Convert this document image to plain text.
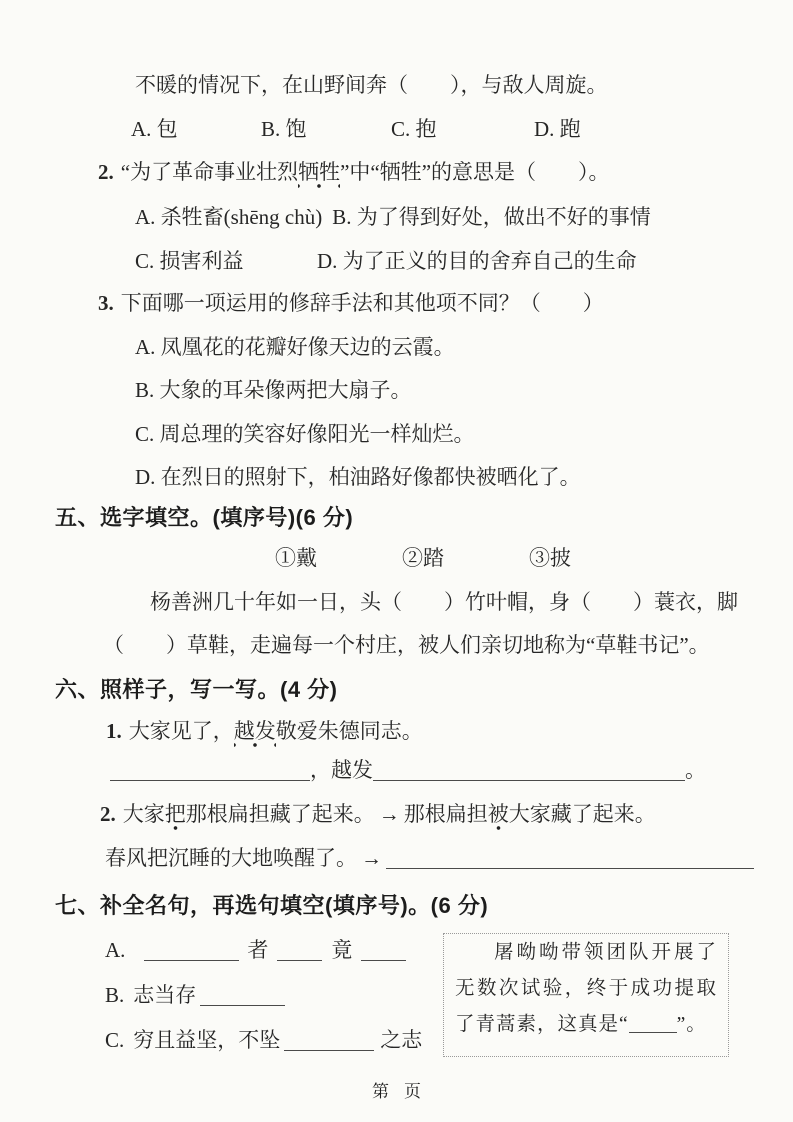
不暖的情况下，在山野间奔（　　），与敌人周旋。
A. 包	B. 饱	C. 抱	D. 跑
2. “为了革命事业壮烈牺牲”中“牺牲”的意思是（　　）。
A. 杀牲畜(shēng chù) B. 为了得到好处，做出不好的事情
C. 损害利益	D. 为了正义的目的舍弃自己的生命
3. 下面哪一项运用的修辞手法和其他项不同？（　　）
A. 凤凰花的花瓣好像天边的云霞。
B. 大象的耳朵像两把大扇子。
C. 周总理的笑容好像阳光一样灿烂。
D. 在烈日的照射下，柏油路好像都快被晒化了。
五、选字填空。(填序号)(6 分)
①戴	②踏	③披
杨善洲几十年如一日，头（　　）竹叶帽，身（　　）蓑衣，脚
（　　）草鞋，走遍每一个村庄，被人们亲切地称为“草鞋书记”。
六、照样子，写一写。(4 分)
1. 大家见了，越发敬爱朱德同志。
，越发	。
2. 大家把那根扁担藏了起来。 → 那根扁担被大家藏了起来。
春风把沉睡的大地唤醒了。 →
七、补全名句，再选句填空(填序号)。(6 分)
A.	者	竟
B. 志当存
C. 穷且益坚，不坠	之志
屠呦呦带领团队开展了无数次试验，终于成功提取了青蒿素，这真是“ ”。
第 页
